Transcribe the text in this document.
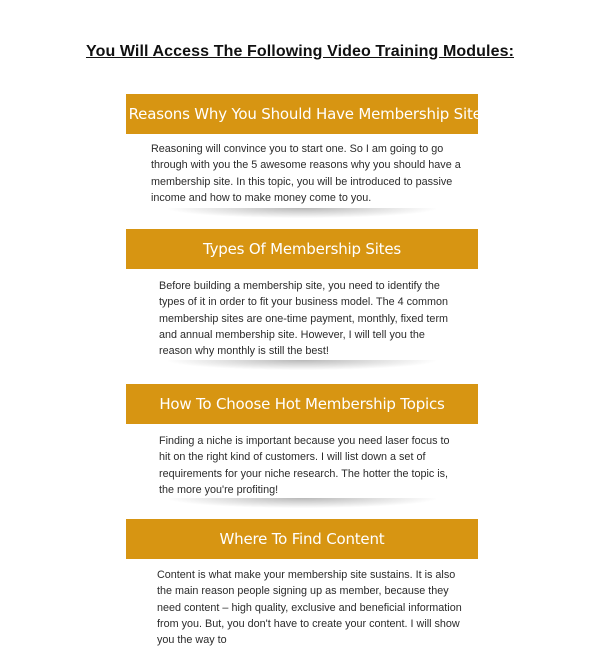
You Will Access The Following Video Training Modules:
5 Reasons Why You Should Have Membership Sites

Reasoning will convince you to start one. So I am going to go through with you the 5 awesome reasons why you should have a membership site. In this topic, you will be introduced to passive income and how to make money come to you.

Types Of Membership Sites

Before building a membership site, you need to identify the types of it in order to fit your business model. The 4 common membership sites are one-time payment, monthly, fixed term and annual membership site. However, I will tell you the reason why monthly is still the best!

How To Choose Hot Membership Topics

Finding a niche is important because you need laser focus to hit on the right kind of customers. I will list down a set of requirements for your niche research. The hotter the topic is, the more you're profiting!

Where To Find Content

Content is what make your membership site sustains. It is also the main reason people signing up as member, because they need content – high quality, exclusive and beneficial information from you. But, you don't have to create your content. I will show you the way to
